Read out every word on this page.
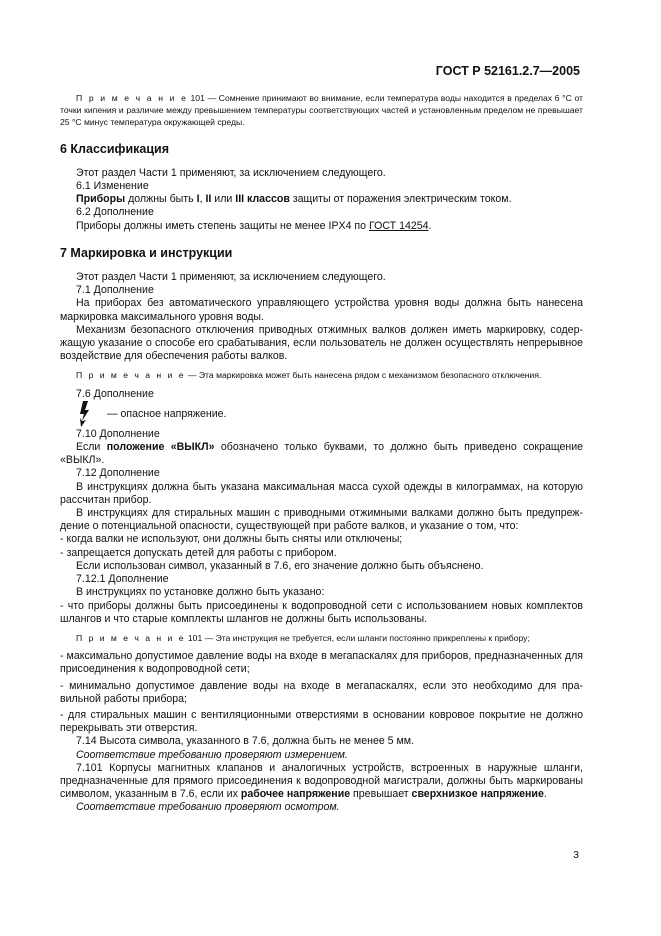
ГОСТ Р 52161.2.7—2005

П р и м е ч а н и е 101 — Сомнение принимают во внимание, если температура воды находится в пределах 6 °С от точки кипения и различие между превышением температуры соответствующих частей и установленным пределом не превышает 25 °С минус температура окружающей среды.

6 Классификация

Этот раздел Части 1 применяют, за исключением следующего.

6.1 Изменение

Приборы должны быть I, II или III классов защиты от поражения электрическим током.

6.2 Дополнение

Приборы должны иметь степень защиты не менее IPX4 по ГОСТ 14254.

7 Маркировка и инструкции

Этот раздел Части 1 применяют, за исключением следующего.

7.1 Дополнение

На приборах без автоматического управляющего устройства уровня воды должна быть нанесена маркировка максимального уровня воды.

Механизм безопасного отключения приводных отжимных валков должен иметь маркировку, содержащую указание о способе его срабатывания, если пользователь не должен осуществлять непрерывное воздействие для обеспечения работы валков.

П р и м е ч а н и е — Эта маркировка может быть нанесена рядом с механизмом безопасного отключения.

7.6 Дополнение

— опасное напряжение.

7.10 Дополнение

Если положение «ВЫКЛ» обозначено только буквами, то должно быть приведено сокращение «ВЫКЛ».

7.12 Дополнение

В инструкциях должна быть указана максимальная масса сухой одежды в килограммах, на которую рассчитан прибор.

В инструкциях для стиральных машин с приводными отжимными валками должно быть предупреждение о потенциальной опасности, существующей при работе валков, и указание о том, что:

- когда валки не используют, они должны быть сняты или отключены;

- запрещается допускать детей для работы с прибором.

Если использован символ, указанный в 7.6, его значение должно быть объяснено.

7.12.1 Дополнение

В инструкциях по установке должно быть указано:

- что приборы должны быть присоединены к водопроводной сети с использованием новых комплектов шлангов и что старые комплекты шлангов не должны быть использованы.

П р и м е ч а н и е 101 — Эта инструкция не требуется, если шланги постоянно прикреплены к прибору;

- максимально допустимое давление воды на входе в мегапаскалях для приборов, предназначенных для присоединения к водопроводной сети;

- минимально допустимое давление воды на входе в мегапаскалях, если это необходимо для правильной работы прибора;

- для стиральных машин с вентиляционными отверстиями в основании ковровое покрытие не должно перекрывать эти отверстия.

7.14 Высота символа, указанного в 7.6, должна быть не менее 5 мм.

Соответствие требованию проверяют измерением.

7.101 Корпусы магнитных клапанов и аналогичных устройств, встроенных в наружные шланги, предназначенные для прямого присоединения к водопроводной магистрали, должны быть маркированы символом, указанным в 7.6, если их рабочее напряжение превышает сверхнизкое напряжение.

Соответствие требованию проверяют осмотром.

3
